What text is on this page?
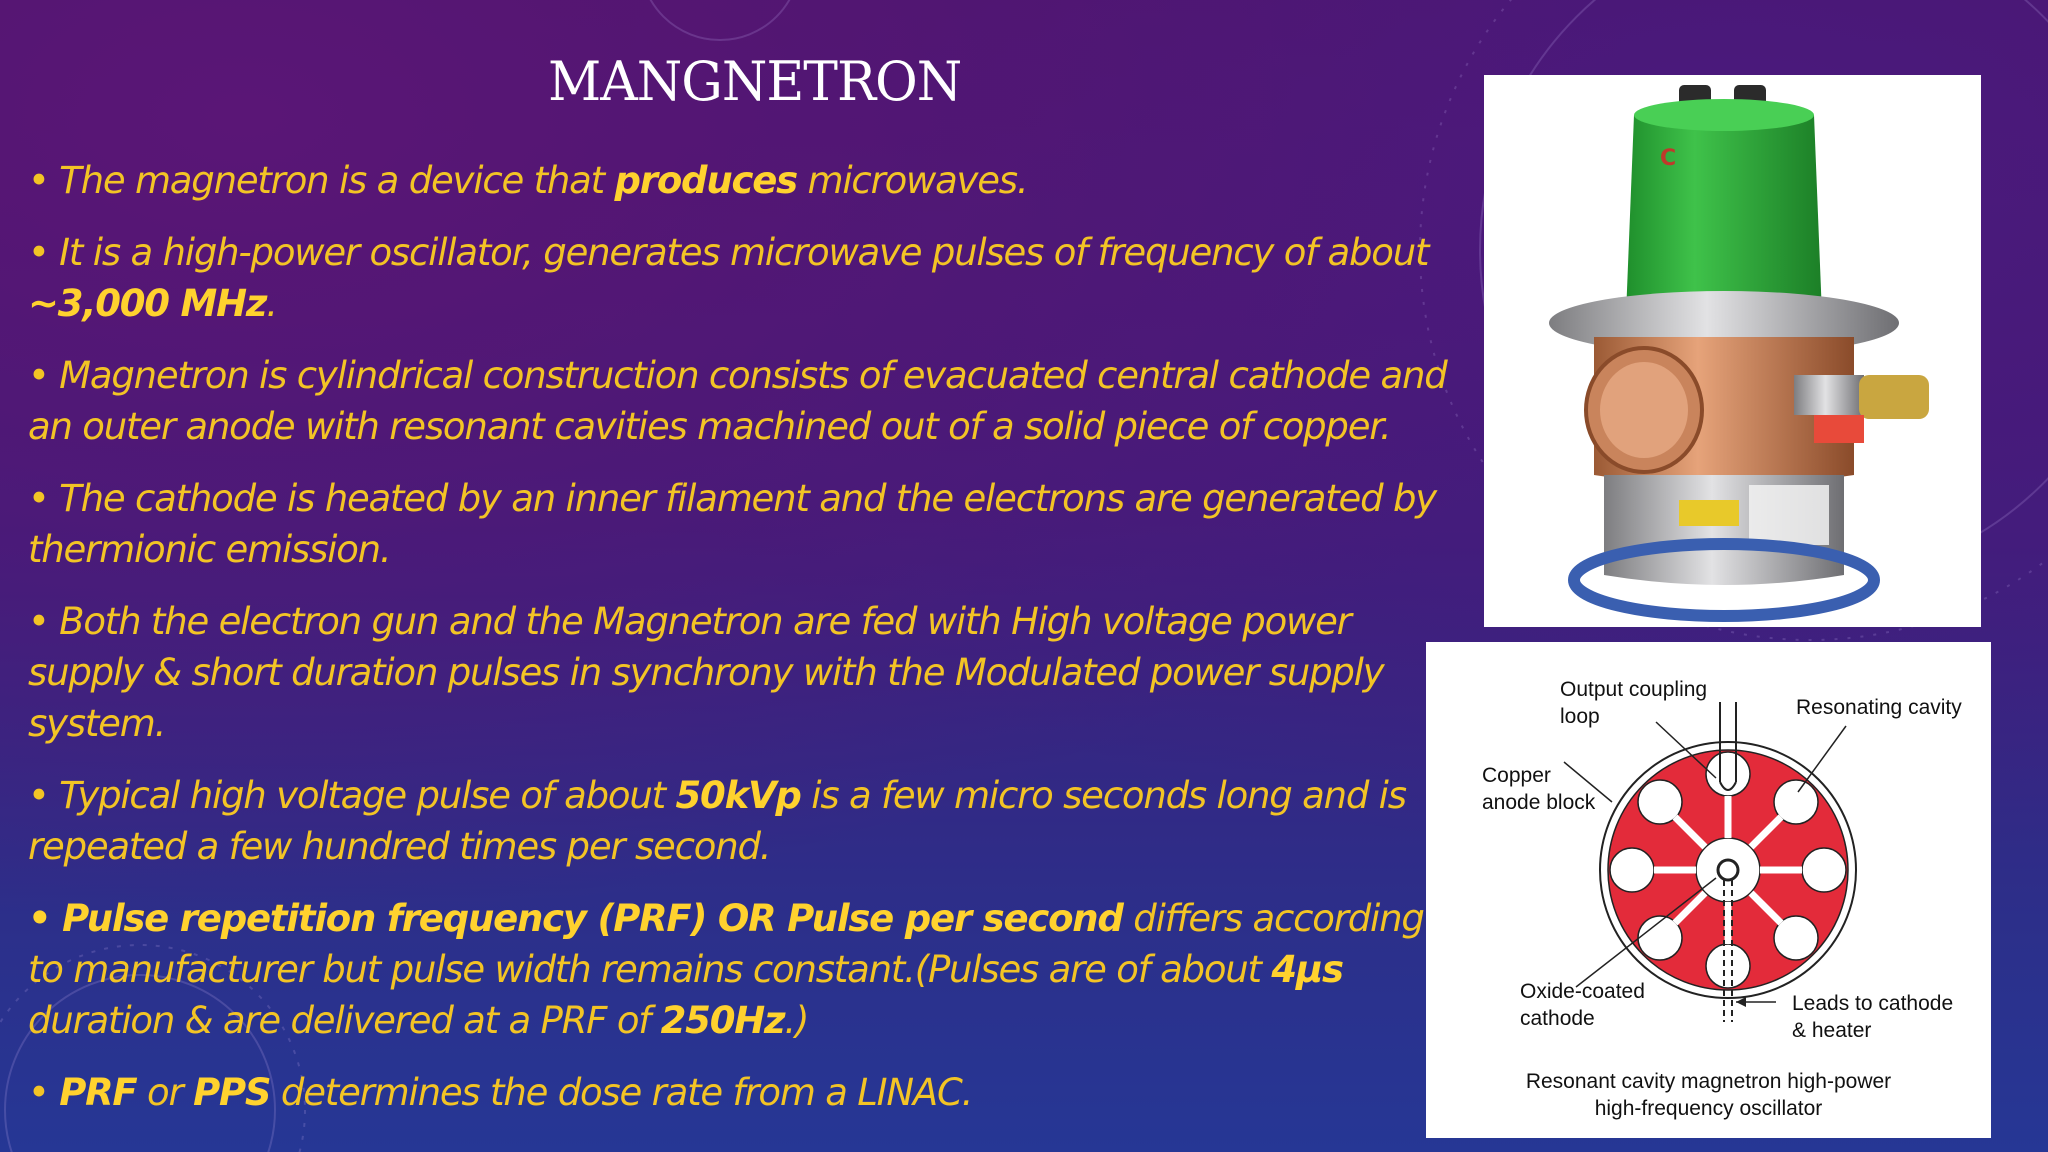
MANGNETRON

• The magnetron is a device that produces microwaves.

• It is a high-power oscillator, generates microwave pulses of frequency of about ~3,000 MHz.

• Magnetron is cylindrical construction consists of evacuated central cathode and an outer anode with resonant cavities machined out of a solid piece of copper.

• The cathode is heated by an inner filament and the electrons are generated by thermionic emission.

• Both the electron gun and the Magnetron are fed with High voltage power supply & short duration pulses in synchrony with the Modulated power supply system.

• Typical high voltage pulse of about 50kVp is a few micro seconds long and is repeated a few hundred times per second.

• Pulse repetition frequency (PRF) OR Pulse per second differs according to manufacturer but pulse width remains constant.(Pulses are of about 4µs duration & are delivered at a PRF of 250Hz.)

• PRF or PPS determines the dose rate from a LINAC.

C
Output coupling
loop	Resonating cavity
Copper
anode block
Oxide-coated
cathode
Leads to cathode
& heater
Resonant cavity magnetron high-power
high-frequency oscillator
